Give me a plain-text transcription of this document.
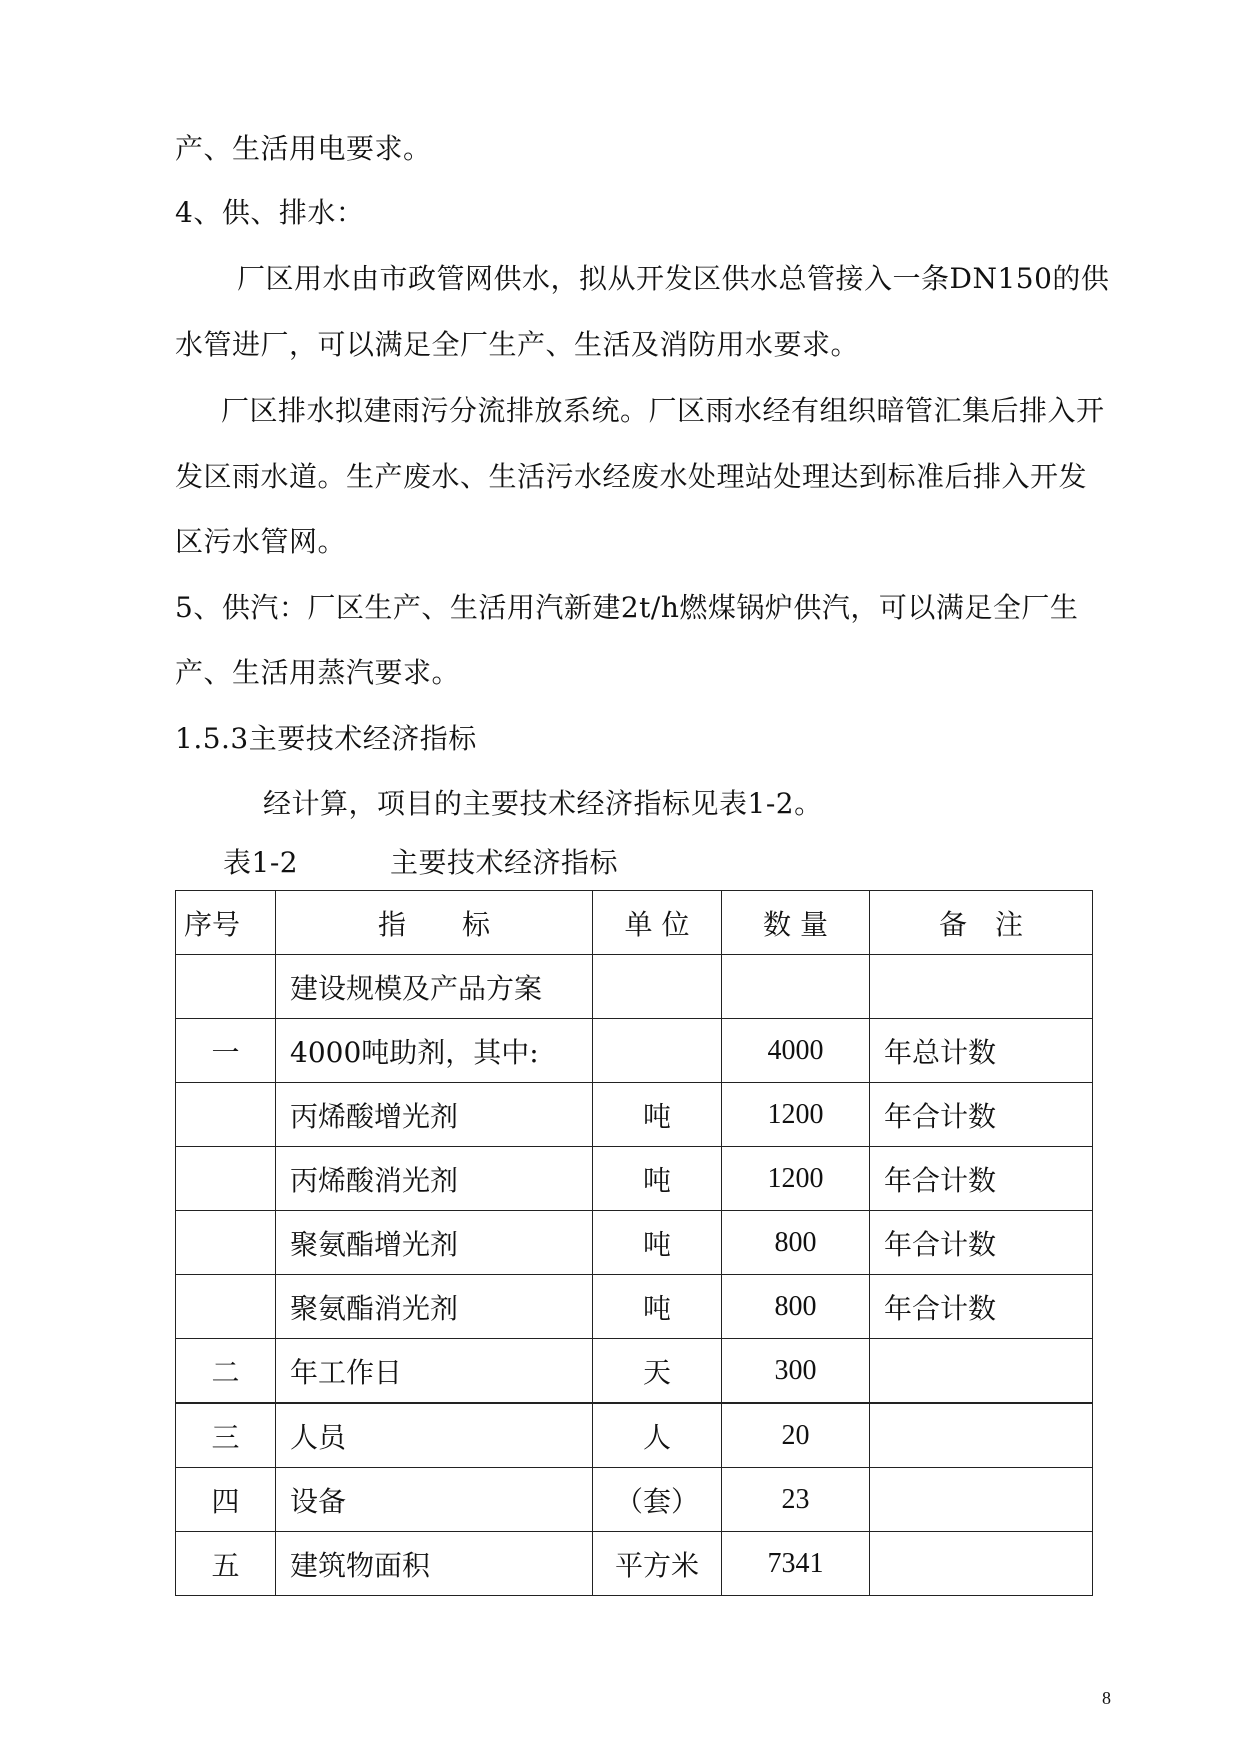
产、生活用电要求。
4、供、排水：
厂区用水由市政管网供水，拟从开发区供水总管接入一条DN150的供
水管进厂，可以满足全厂生产、生活及消防用水要求。
厂区排水拟建雨污分流排放系统。厂区雨水经有组织暗管汇集后排入开
发区雨水道。生产废水、生活污水经废水处理站处理达到标准后排入开发
区污水管网。
5、供汽：厂区生产、生活用汽新建2t/h燃煤锅炉供汽，可以满足全厂生
产、生活用蒸汽要求。
1.5.3主要技术经济指标
经计算，项目的主要技术经济指标见表1-2。
表1-2	主要技术经济指标
序号	指　　标	单 位	数 量	备　注
	建设规模及产品方案			
一	4000吨助剂，其中:		4000	年总计数
	丙烯酸增光剂	吨	1200	年合计数
	丙烯酸消光剂	吨	1200	年合计数
	聚氨酯增光剂	吨	800	年合计数
	聚氨酯消光剂	吨	800	年合计数
二	年工作日	天	300	
三	人员	人	20	
四	设备	（套）	23	
五	建筑物面积	平方米	7341	
8
